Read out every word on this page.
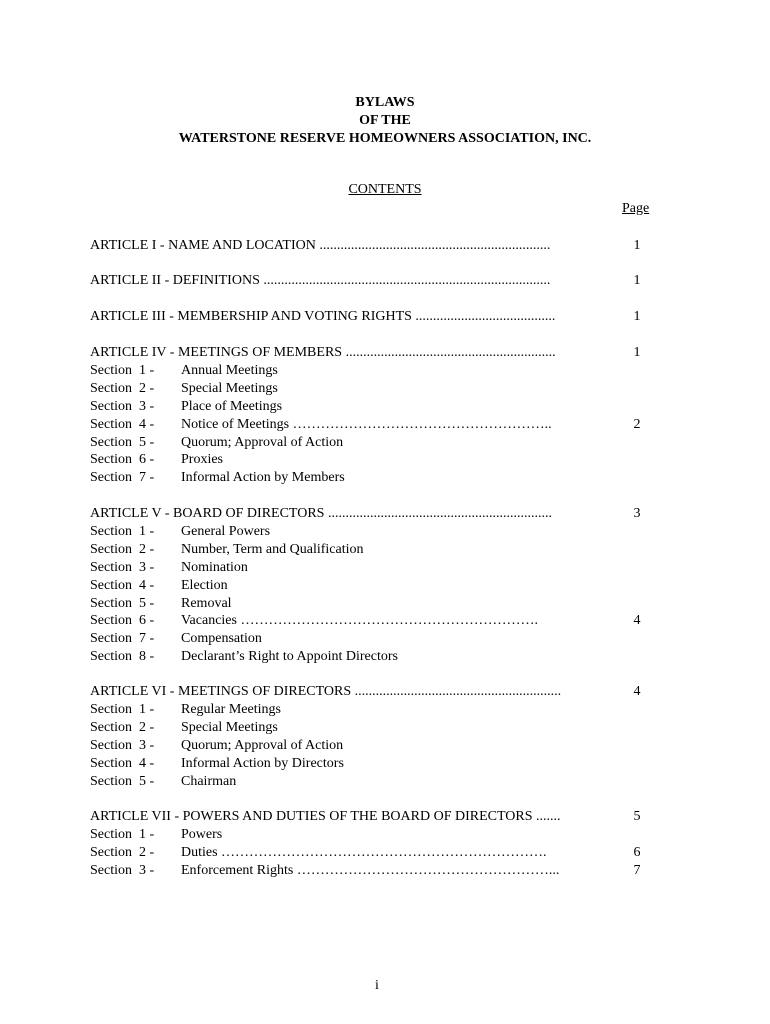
BYLAWS
OF THE
WATERSTONE RESERVE HOMEOWNERS ASSOCIATION, INC.
CONTENTS
Page
ARTICLE I - NAME AND LOCATION ..................................................................	1
ARTICLE II - DEFINITIONS ..................................................................................	1
ARTICLE III - MEMBERSHIP AND VOTING RIGHTS ........................................	1
ARTICLE IV - MEETINGS OF MEMBERS ............................................................	1
Section  1 - Annual Meetings
Section  2 - Special Meetings
Section  3 - Place of Meetings
Section  4 - Notice of Meetings ………………………………………………..	2
Section  5 - Quorum; Approval of Action
Section  6 - Proxies
Section  7 - Informal Action by Members
ARTICLE V - BOARD OF DIRECTORS ................................................................	3
Section  1 - General Powers
Section  2 - Number, Term and Qualification
Section  3 - Nomination
Section  4 - Election
Section  5 - Removal
Section  6 - Vacancies ……………………………………………………….	4
Section  7 - Compensation
Section  8 - Declarant’s Right to Appoint Directors
ARTICLE VI - MEETINGS OF DIRECTORS ...........................................................	4
Section  1 - Regular Meetings
Section  2 - Special Meetings
Section  3 - Quorum; Approval of Action
Section  4 - Informal Action by Directors
Section  5 - Chairman
ARTICLE VII - POWERS AND DUTIES OF THE BOARD OF DIRECTORS .......	5
Section  1 - Powers
Section  2 - Duties …………………………………………………………….	6
Section  3 - Enforcement Rights ………………………………………………...	7
i
